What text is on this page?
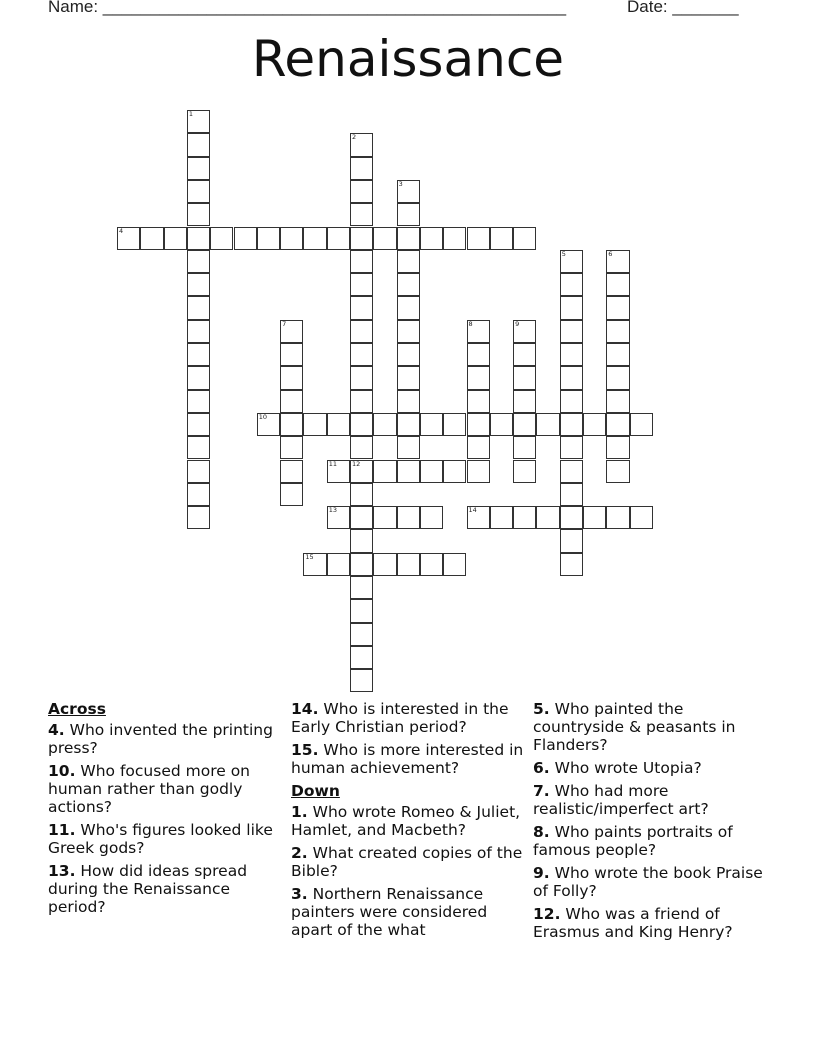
Name: _________________________________________________	Date: _______
Renaissance
1
2
12
3
4
5	6
7	8	9
10
11
13	14
15
Across
4. Who invented the printing press?
10. Who focused more on human rather than godly actions?
11. Who's figures looked like Greek gods?
13. How did ideas spread during the Renaissance period?
14. Who is interested in the Early Christian period?
15. Who is more interested in human achievement?
Down
1. Who wrote Romeo & Juliet, Hamlet, and Macbeth?
2. What created copies of the Bible?
3. Northern Renaissance painters were considered apart of the what
5. Who painted the countryside & peasants in Flanders?
6. Who wrote Utopia?
7. Who had more realistic/imperfect art?
8. Who paints portraits of famous people?
9. Who wrote the book Praise of Folly?
12. Who was a friend of Erasmus and King Henry?
